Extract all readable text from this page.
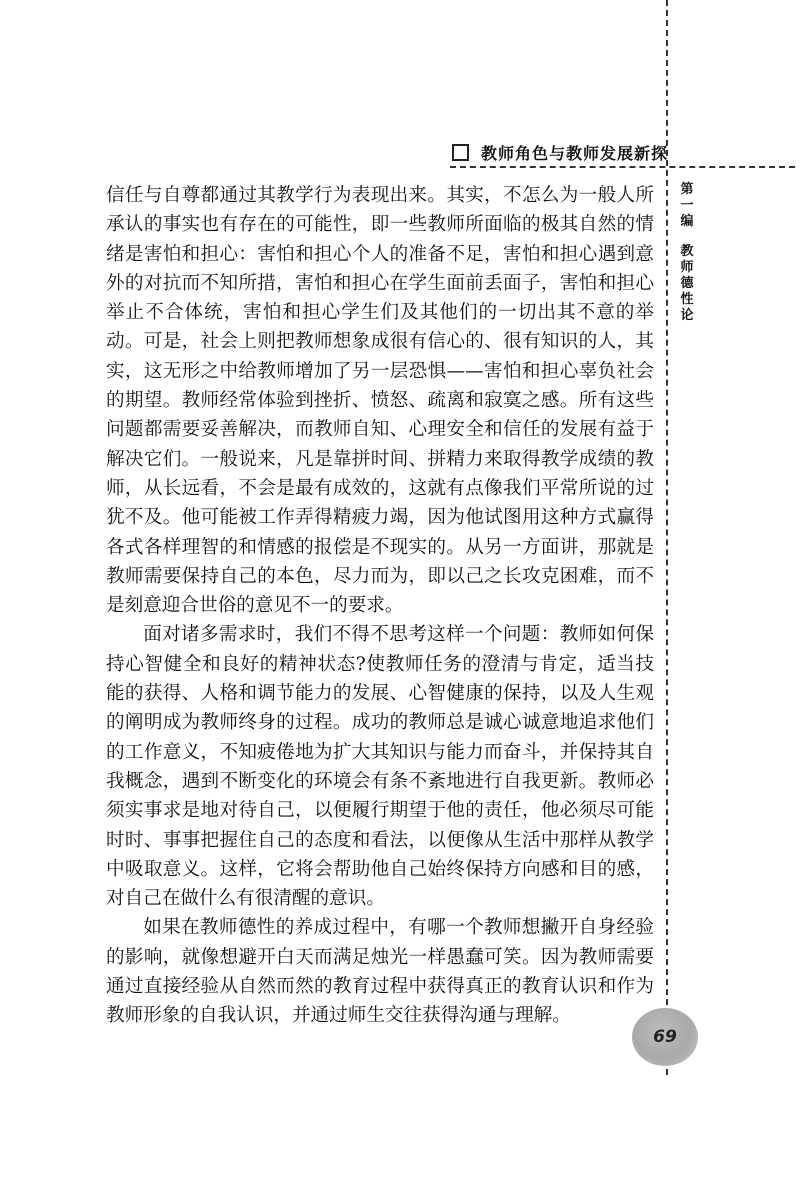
教师角色与教师发展新探
第
一
编
教
师
德
性
论

信任与自尊都通过其教学行为表现出来。其实，不怎么为一般人所承认的事实也有存在的可能性，即一些教师所面临的极其自然的情绪是害怕和担心：害怕和担心个人的准备不足，害怕和担心遇到意外的对抗而不知所措，害怕和担心在学生面前丢面子，害怕和担心举止不合体统，害怕和担心学生们及其他们的一切出其不意的举动。可是，社会上则把教师想象成很有信心的、很有知识的人，其实，这无形之中给教师增加了另一层恐惧——害怕和担心辜负社会的期望。教师经常体验到挫折、愤怒、疏离和寂寞之感。所有这些问题都需要妥善解决，而教师自知、心理安全和信任的发展有益于解决它们。一般说来，凡是靠拼时间、拼精力来取得教学成绩的教师，从长远看，不会是最有成效的，这就有点像我们平常所说的过犹不及。他可能被工作弄得精疲力竭，因为他试图用这种方式赢得各式各样理智的和情感的报偿是不现实的。从另一方面讲，那就是教师需要保持自己的本色，尽力而为，即以己之长攻克困难，而不是刻意迎合世俗的意见不一的要求。

面对诸多需求时，我们不得不思考这样一个问题：教师如何保持心智健全和良好的精神状态?使教师任务的澄清与肯定，适当技能的获得、人格和调节能力的发展、心智健康的保持，以及人生观的阐明成为教师终身的过程。成功的教师总是诚心诚意地追求他们的工作意义，不知疲倦地为扩大其知识与能力而奋斗，并保持其自我概念，遇到不断变化的环境会有条不紊地进行自我更新。教师必须实事求是地对待自己，以便履行期望于他的责任，他必须尽可能时时、事事把握住自己的态度和看法，以便像从生活中那样从教学中吸取意义。这样，它将会帮助他自己始终保持方向感和目的感，对自己在做什么有很清醒的意识。

如果在教师德性的养成过程中，有哪一个教师想撇开自身经验的影响，就像想避开白天而满足烛光一样愚蠢可笑。因为教师需要通过直接经验从自然而然的教育过程中获得真正的教育认识和作为教师形象的自我认识，并通过师生交往获得沟通与理解。

69
